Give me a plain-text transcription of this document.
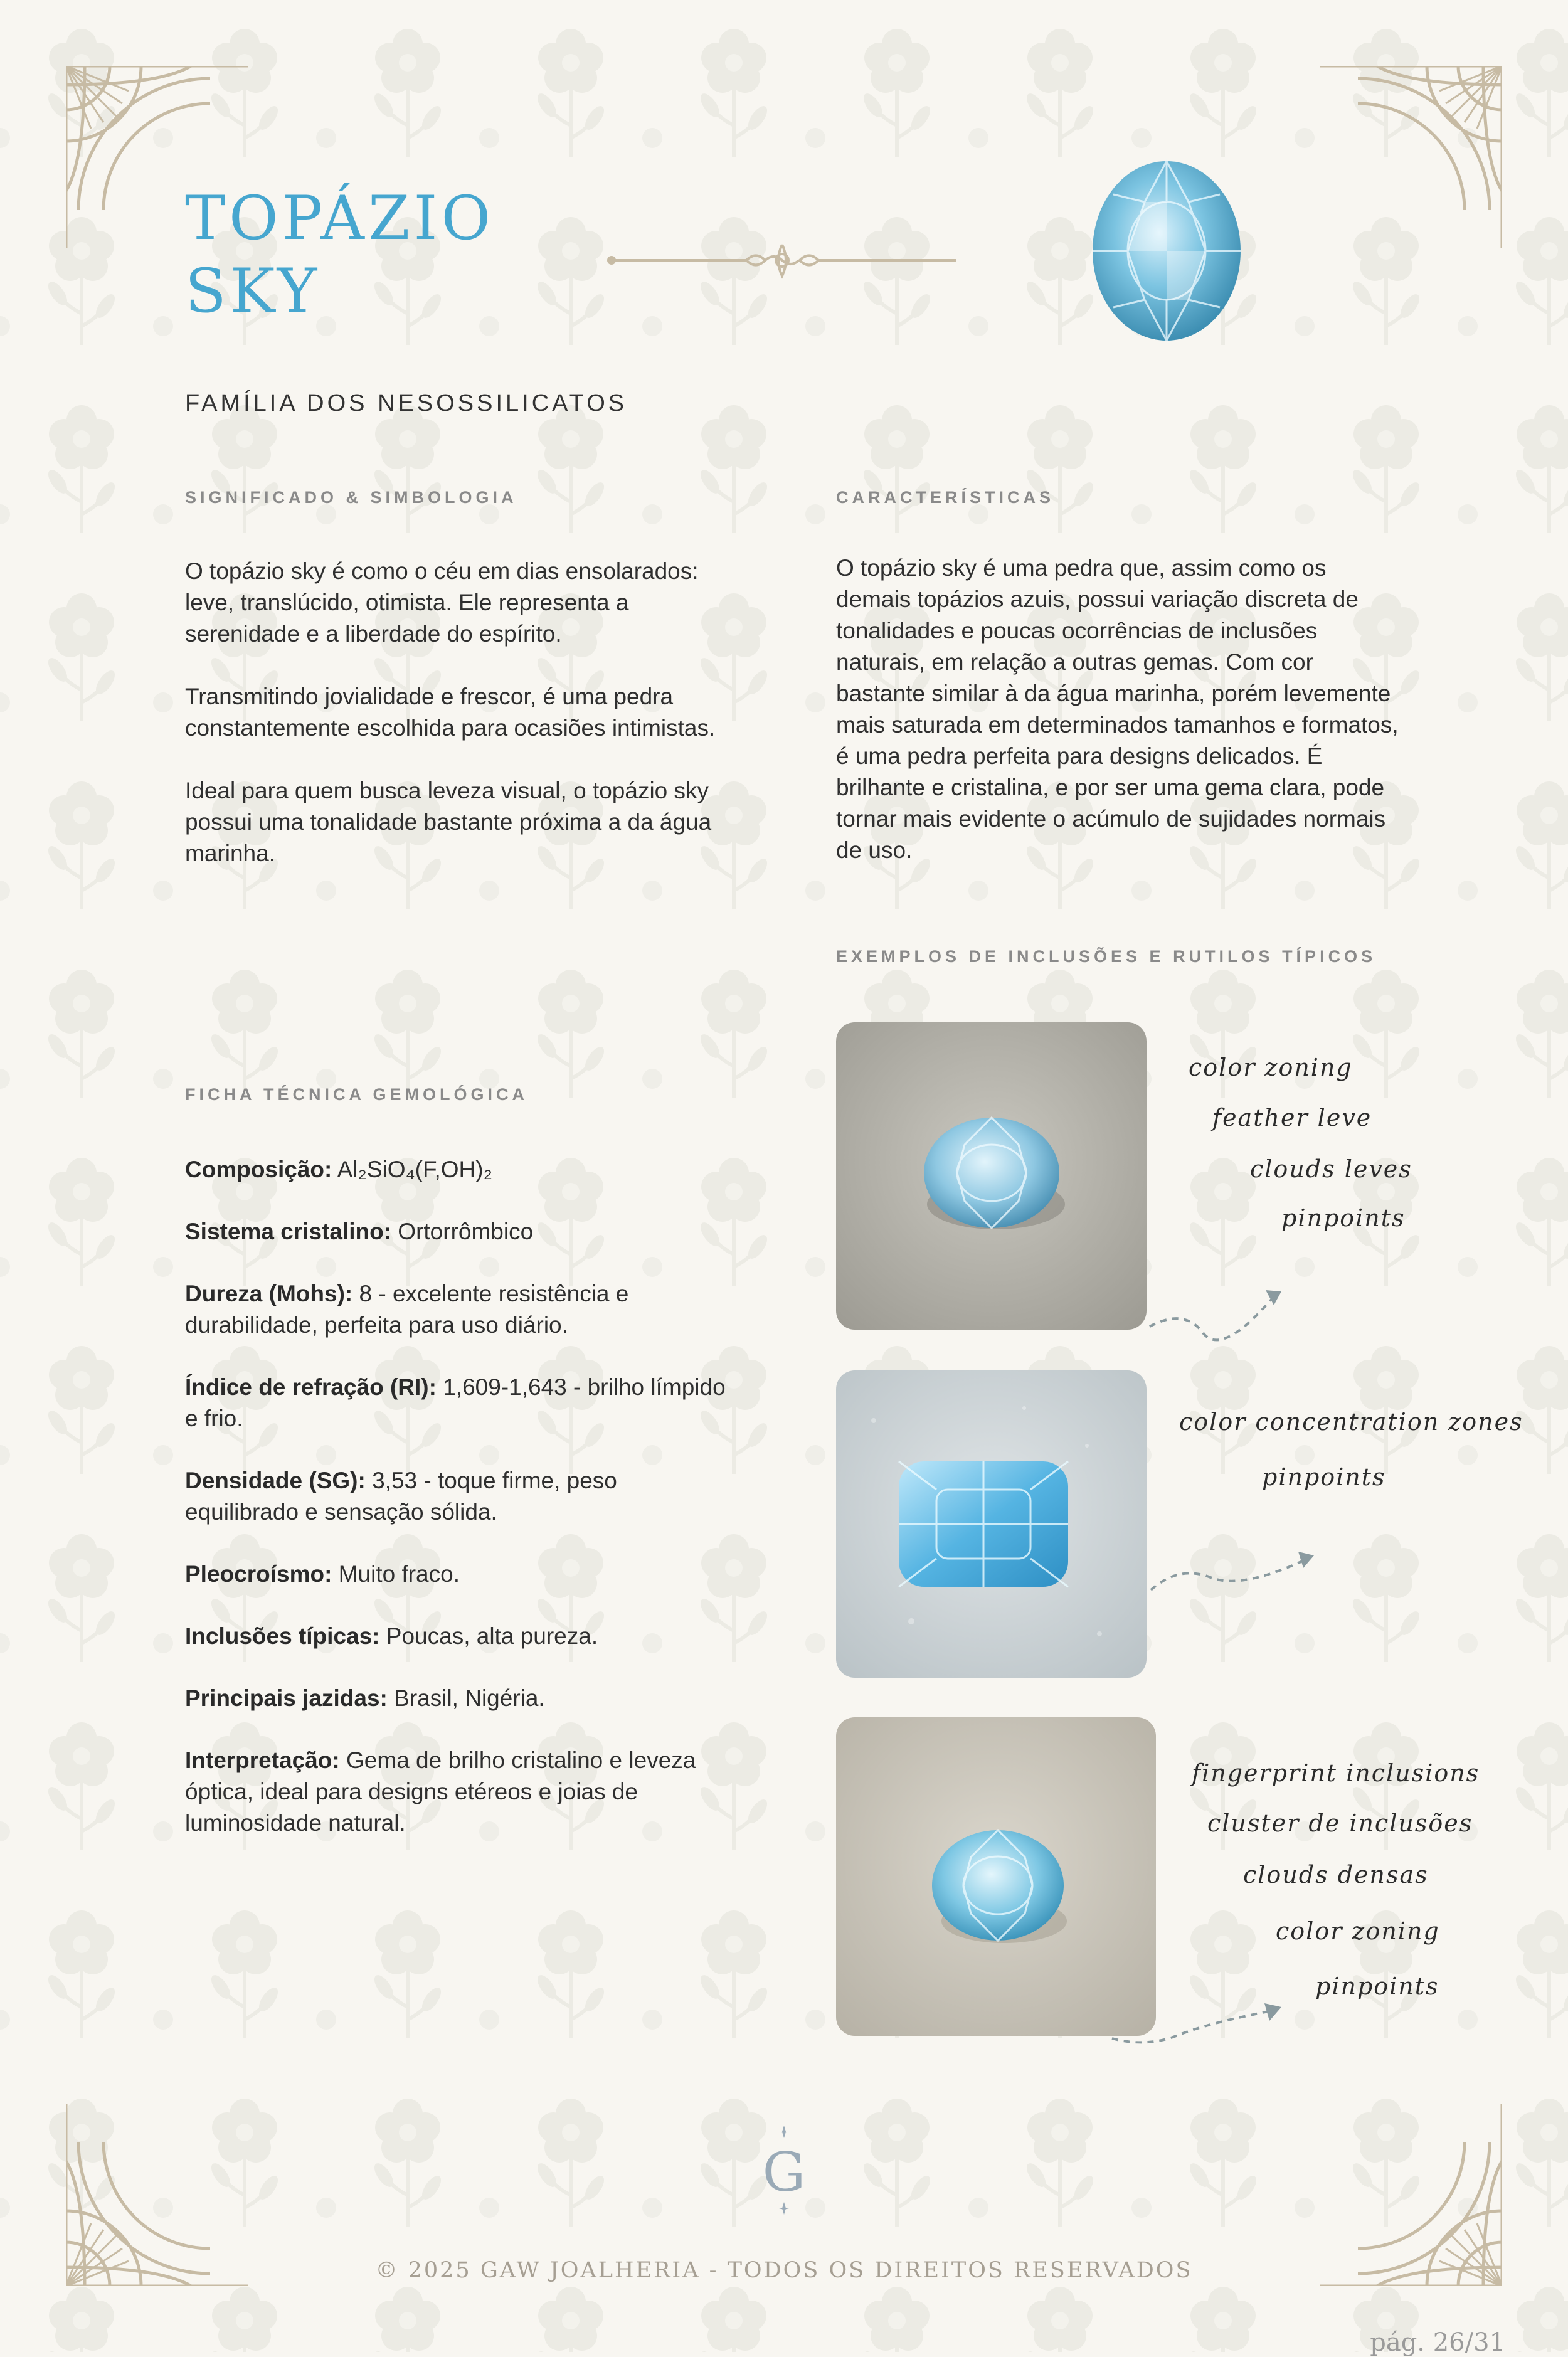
TOPÁZIO
SKY
FAMÍLIA DOS NESOSSILICATOS
SIGNIFICADO & SIMBOLOGIA

O topázio sky é como o céu em dias ensolarados: leve, translúcido, otimista. Ele representa a serenidade e a liberdade do espírito.

Transmitindo jovialidade e frescor, é uma pedra constantemente escolhida para ocasiões intimistas.

Ideal para quem busca leveza visual, o topázio sky possui uma tonalidade bastante próxima a da água marinha.

CARACTERÍSTICAS

O topázio sky é uma pedra que, assim como os demais topázios azuis, possui variação discreta de tonalidades e poucas ocorrências de inclusões naturais, em relação a outras gemas. Com cor bastante similar à da água marinha, porém levemente mais saturada em determinados tamanhos e formatos, é uma pedra perfeita para designs delicados. É brilhante e cristalina, e por ser uma gema clara, pode tornar mais evidente o acúmulo de sujidades normais de uso.

EXEMPLOS DE INCLUSÕES E RUTILOS TÍPICOS
FICHA TÉCNICA GEMOLÓGICA
Composição: Al₂SiO₄(F,OH)₂
Sistema cristalino: Ortorrômbico
Dureza (Mohs): 8 - excelente resistência e durabilidade, perfeita para uso diário.
Índice de refração (RI): 1,609-1,643 - brilho límpido e frio.
Densidade (SG): 3,53 - toque firme, peso equilibrado e sensação sólida.
Pleocroísmo: Muito fraco.
Inclusões típicas: Poucas, alta pureza.
Principais jazidas: Brasil, Nigéria.
Interpretação: Gema de brilho cristalino e leveza óptica, ideal para designs etéreos e joias de luminosidade natural.
color zoning
feather leve
clouds leves
pinpoints
color concentration zones
pinpoints
fingerprint inclusions
cluster de inclusões
clouds densas
color zoning
pinpoints
G
© 2025 GAW JOALHERIA - TODOS OS DIREITOS RESERVADOS
pág. 26/31
